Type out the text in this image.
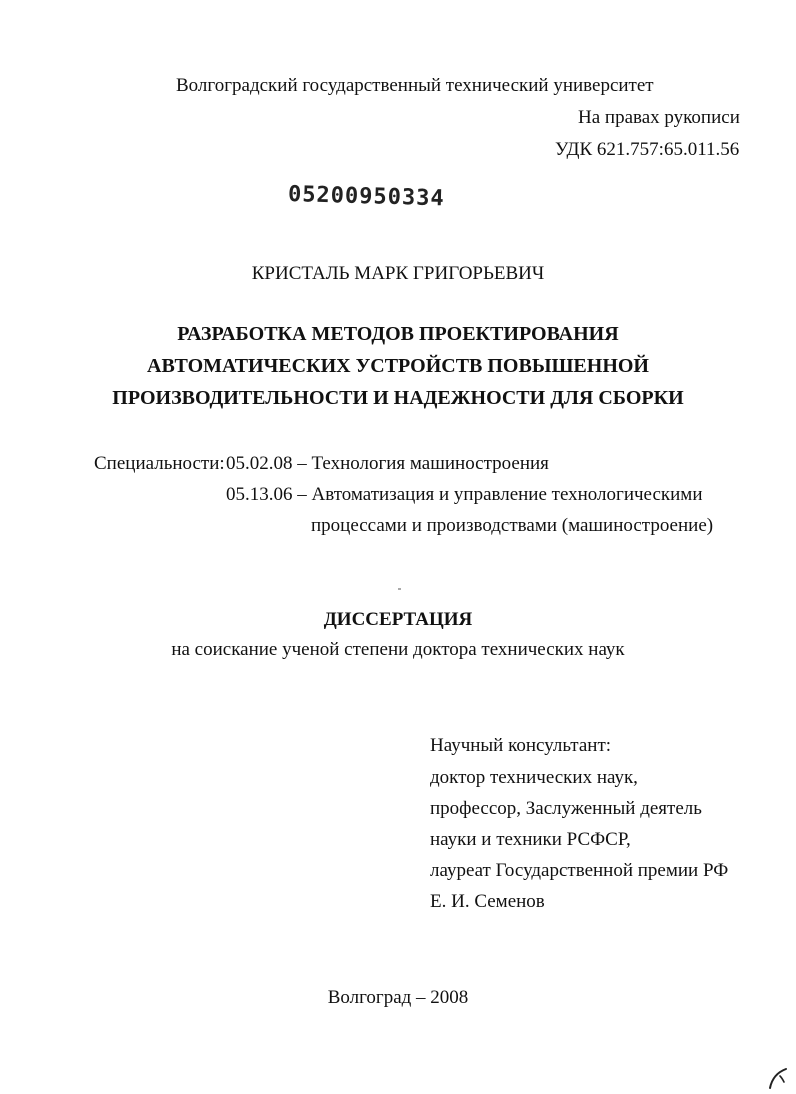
Волгоградский государственный технический университет
На правах рукописи
УДК 621.757:65.011.56
05200950334
КРИСТАЛЬ МАРК ГРИГОРЬЕВИЧ
РАЗРАБОТКА МЕТОДОВ ПРОЕКТИРОВАНИЯ
АВТОМАТИЧЕСКИХ УСТРОЙСТВ ПОВЫШЕННОЙ
ПРОИЗВОДИТЕЛЬНОСТИ И НАДЕЖНОСТИ ДЛЯ СБОРКИ
Специальности: 05.02.08 – Технология машиностроения
05.13.06 – Автоматизация и управление технологическими
процессами и производствами (машиностроение)
ДИССЕРТАЦИЯ
на соискание ученой степени доктора технических наук
Научный консультант:
доктор технических наук,
профессор, Заслуженный деятель
науки и техники РСФСР,
лауреат Государственной премии РФ
Е. И. Семенов
Волгоград – 2008
